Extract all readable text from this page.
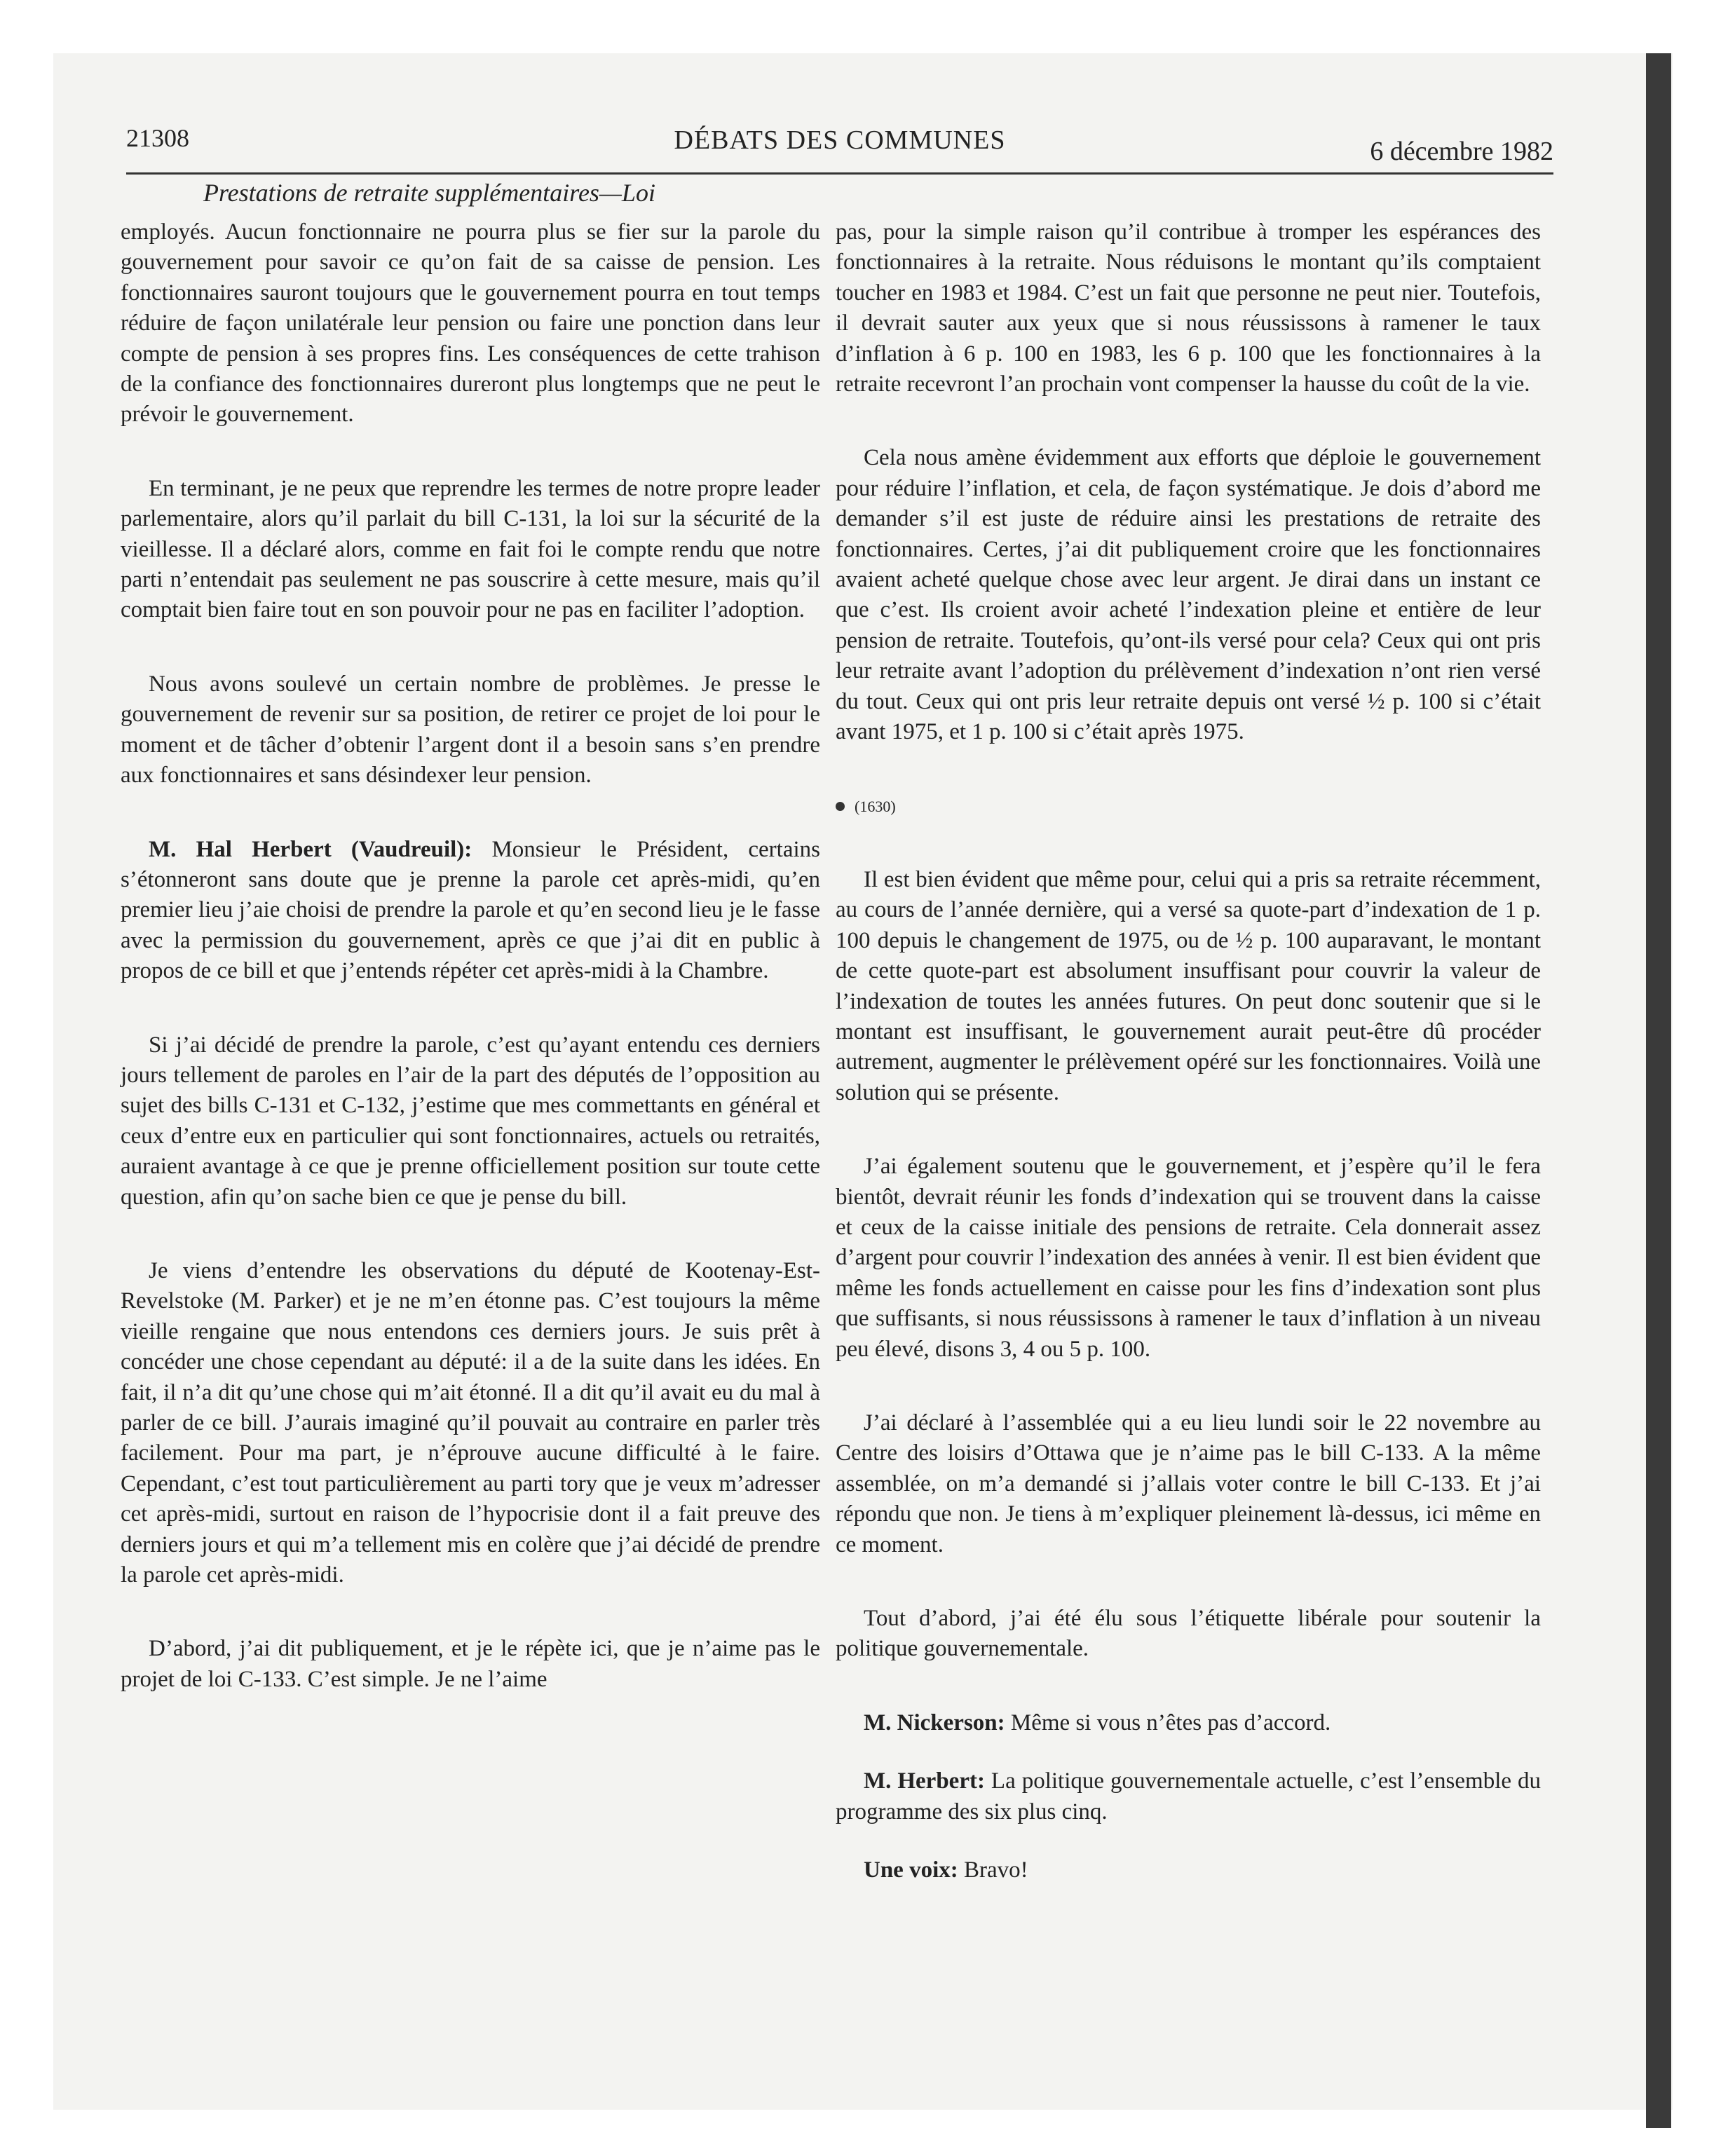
21308	DÉBATS DES COMMUNES	6 décembre 1982
Prestations de retraite supplémentaires—Loi

employés. Aucun fonctionnaire ne pourra plus se fier sur la parole du gouvernement pour savoir ce qu’on fait de sa caisse de pension. Les fonctionnaires sauront toujours que le gouvernement pourra en tout temps réduire de façon unilatérale leur pension ou faire une ponction dans leur compte de pension à ses propres fins. Les conséquences de cette trahison de la confiance des fonctionnaires dureront plus longtemps que ne peut le prévoir le gouvernement.

En terminant, je ne peux que reprendre les termes de notre propre leader parlementaire, alors qu’il parlait du bill C-131, la loi sur la sécurité de la vieillesse. Il a déclaré alors, comme en fait foi le compte rendu que notre parti n’entendait pas seulement ne pas souscrire à cette mesure, mais qu’il comptait bien faire tout en son pouvoir pour ne pas en faciliter l’adoption.

Nous avons soulevé un certain nombre de problèmes. Je presse le gouvernement de revenir sur sa position, de retirer ce projet de loi pour le moment et de tâcher d’obtenir l’argent dont il a besoin sans s’en prendre aux fonctionnaires et sans désindexer leur pension.

M. Hal Herbert (Vaudreuil): Monsieur le Président, certains s’étonneront sans doute que je prenne la parole cet après-midi, qu’en premier lieu j’aie choisi de prendre la parole et qu’en second lieu je le fasse avec la permission du gouvernement, après ce que j’ai dit en public à propos de ce bill et que j’entends répéter cet après-midi à la Chambre.

Si j’ai décidé de prendre la parole, c’est qu’ayant entendu ces derniers jours tellement de paroles en l’air de la part des députés de l’opposition au sujet des bills C-131 et C-132, j’estime que mes commettants en général et ceux d’entre eux en particulier qui sont fonctionnaires, actuels ou retraités, auraient avantage à ce que je prenne officiellement position sur toute cette question, afin qu’on sache bien ce que je pense du bill.

Je viens d’entendre les observations du député de Kootenay-Est-Revelstoke (M. Parker) et je ne m’en étonne pas. C’est toujours la même vieille rengaine que nous entendons ces derniers jours. Je suis prêt à concéder une chose cependant au député: il a de la suite dans les idées. En fait, il n’a dit qu’une chose qui m’ait étonné. Il a dit qu’il avait eu du mal à parler de ce bill. J’aurais imaginé qu’il pouvait au contraire en parler très facilement. Pour ma part, je n’éprouve aucune difficulté à le faire. Cependant, c’est tout particulièrement au parti tory que je veux m’adresser cet après-midi, surtout en raison de l’hypocrisie dont il a fait preuve des derniers jours et qui m’a tellement mis en colère que j’ai décidé de prendre la parole cet après-midi.

D’abord, j’ai dit publiquement, et je le répète ici, que je n’aime pas le projet de loi C-133. C’est simple. Je ne l’aime

pas, pour la simple raison qu’il contribue à tromper les espérances des fonctionnaires à la retraite. Nous réduisons le montant qu’ils comptaient toucher en 1983 et 1984. C’est un fait que personne ne peut nier. Toutefois, il devrait sauter aux yeux que si nous réussissons à ramener le taux d’inflation à 6 p. 100 en 1983, les 6 p. 100 que les fonctionnaires à la retraite recevront l’an prochain vont compenser la hausse du coût de la vie.

Cela nous amène évidemment aux efforts que déploie le gouvernement pour réduire l’inflation, et cela, de façon systématique. Je dois d’abord me demander s’il est juste de réduire ainsi les prestations de retraite des fonctionnaires. Certes, j’ai dit publiquement croire que les fonctionnaires avaient acheté quelque chose avec leur argent. Je dirai dans un instant ce que c’est. Ils croient avoir acheté l’indexation pleine et entière de leur pension de retraite. Toutefois, qu’ont-ils versé pour cela? Ceux qui ont pris leur retraite avant l’adoption du prélèvement d’indexation n’ont rien versé du tout. Ceux qui ont pris leur retraite depuis ont versé ½ p. 100 si c’était avant 1975, et 1 p. 100 si c’était après 1975.

(1630)

Il est bien évident que même pour, celui qui a pris sa retraite récemment, au cours de l’année dernière, qui a versé sa quote-part d’indexation de 1 p. 100 depuis le changement de 1975, ou de ½ p. 100 auparavant, le montant de cette quote-part est absolument insuffisant pour couvrir la valeur de l’indexation de toutes les années futures. On peut donc soutenir que si le montant est insuffisant, le gouvernement aurait peut-être dû procéder autrement, augmenter le prélèvement opéré sur les fonctionnaires. Voilà une solution qui se présente.

J’ai également soutenu que le gouvernement, et j’espère qu’il le fera bientôt, devrait réunir les fonds d’indexation qui se trouvent dans la caisse et ceux de la caisse initiale des pensions de retraite. Cela donnerait assez d’argent pour couvrir l’indexation des années à venir. Il est bien évident que même les fonds actuellement en caisse pour les fins d’indexation sont plus que suffisants, si nous réussissons à ramener le taux d’inflation à un niveau peu élevé, disons 3, 4 ou 5 p. 100.

J’ai déclaré à l’assemblée qui a eu lieu lundi soir le 22 novembre au Centre des loisirs d’Ottawa que je n’aime pas le bill C-133. A la même assemblée, on m’a demandé si j’allais voter contre le bill C-133. Et j’ai répondu que non. Je tiens à m’expliquer pleinement là-dessus, ici même en ce moment.

Tout d’abord, j’ai été élu sous l’étiquette libérale pour soutenir la politique gouvernementale.

M. Nickerson: Même si vous n’êtes pas d’accord.

M. Herbert: La politique gouvernementale actuelle, c’est l’ensemble du programme des six plus cinq.

Une voix: Bravo!
